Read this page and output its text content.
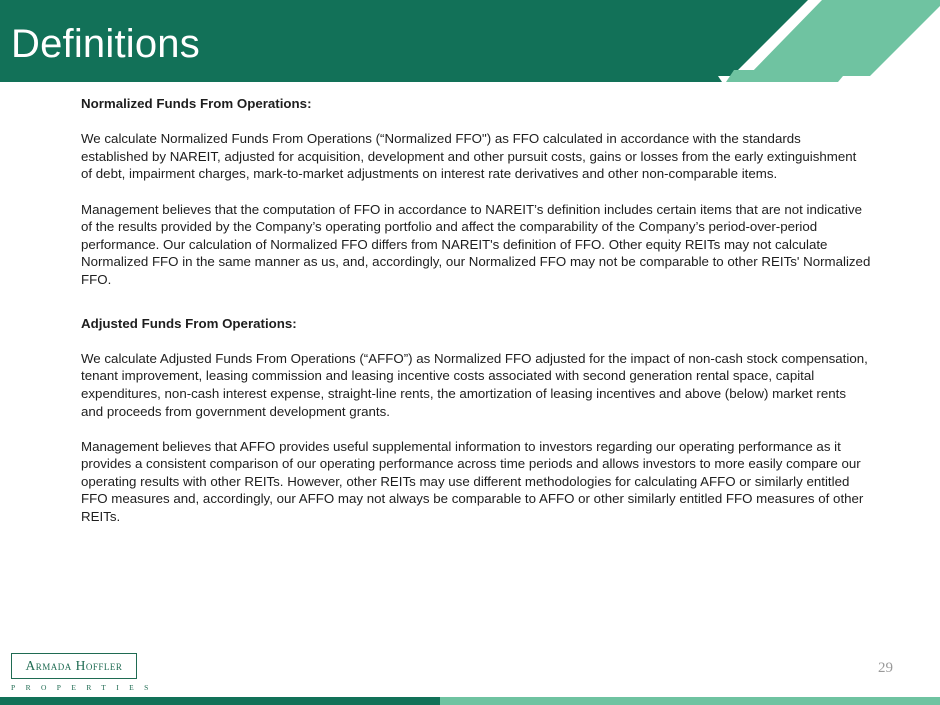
Definitions

Normalized Funds From Operations:

We calculate Normalized Funds From Operations (“Normalized FFO") as FFO calculated in accordance with the standards established by NAREIT, adjusted for acquisition, development and other pursuit costs, gains or losses from the early extinguishment of debt, impairment charges, mark-to-market adjustments on interest rate derivatives and other non-comparable items.

Management believes that the computation of FFO in accordance to NAREIT’s definition includes certain items that are not indicative of the results provided by the Company’s operating portfolio and affect the comparability of the Company’s period-over-period performance. Our calculation of Normalized FFO differs from NAREIT's definition of FFO. Other equity REITs may not calculate Normalized FFO in the same manner as us, and, accordingly, our Normalized FFO may not be comparable to other REITs' Normalized FFO.

Adjusted Funds From Operations:

We calculate Adjusted Funds From Operations (“AFFO”) as Normalized FFO adjusted for the impact of non-cash stock compensation, tenant improvement, leasing commission and leasing incentive costs associated with second generation rental space, capital expenditures, non-cash interest expense, straight-line rents, the amortization of leasing incentives and above (below) market rents and proceeds from government development grants.

Management believes that AFFO provides useful supplemental information to investors regarding our operating performance as it provides a consistent comparison of our operating performance across time periods and allows investors to more easily compare our operating results with other REITs. However, other REITs may use different methodologies for calculating AFFO or similarly entitled FFO measures and, accordingly, our AFFO may not always be comparable to AFFO or other similarly entitled FFO measures of other REITs.

Armada Hoffler
PROPERTIES
29
